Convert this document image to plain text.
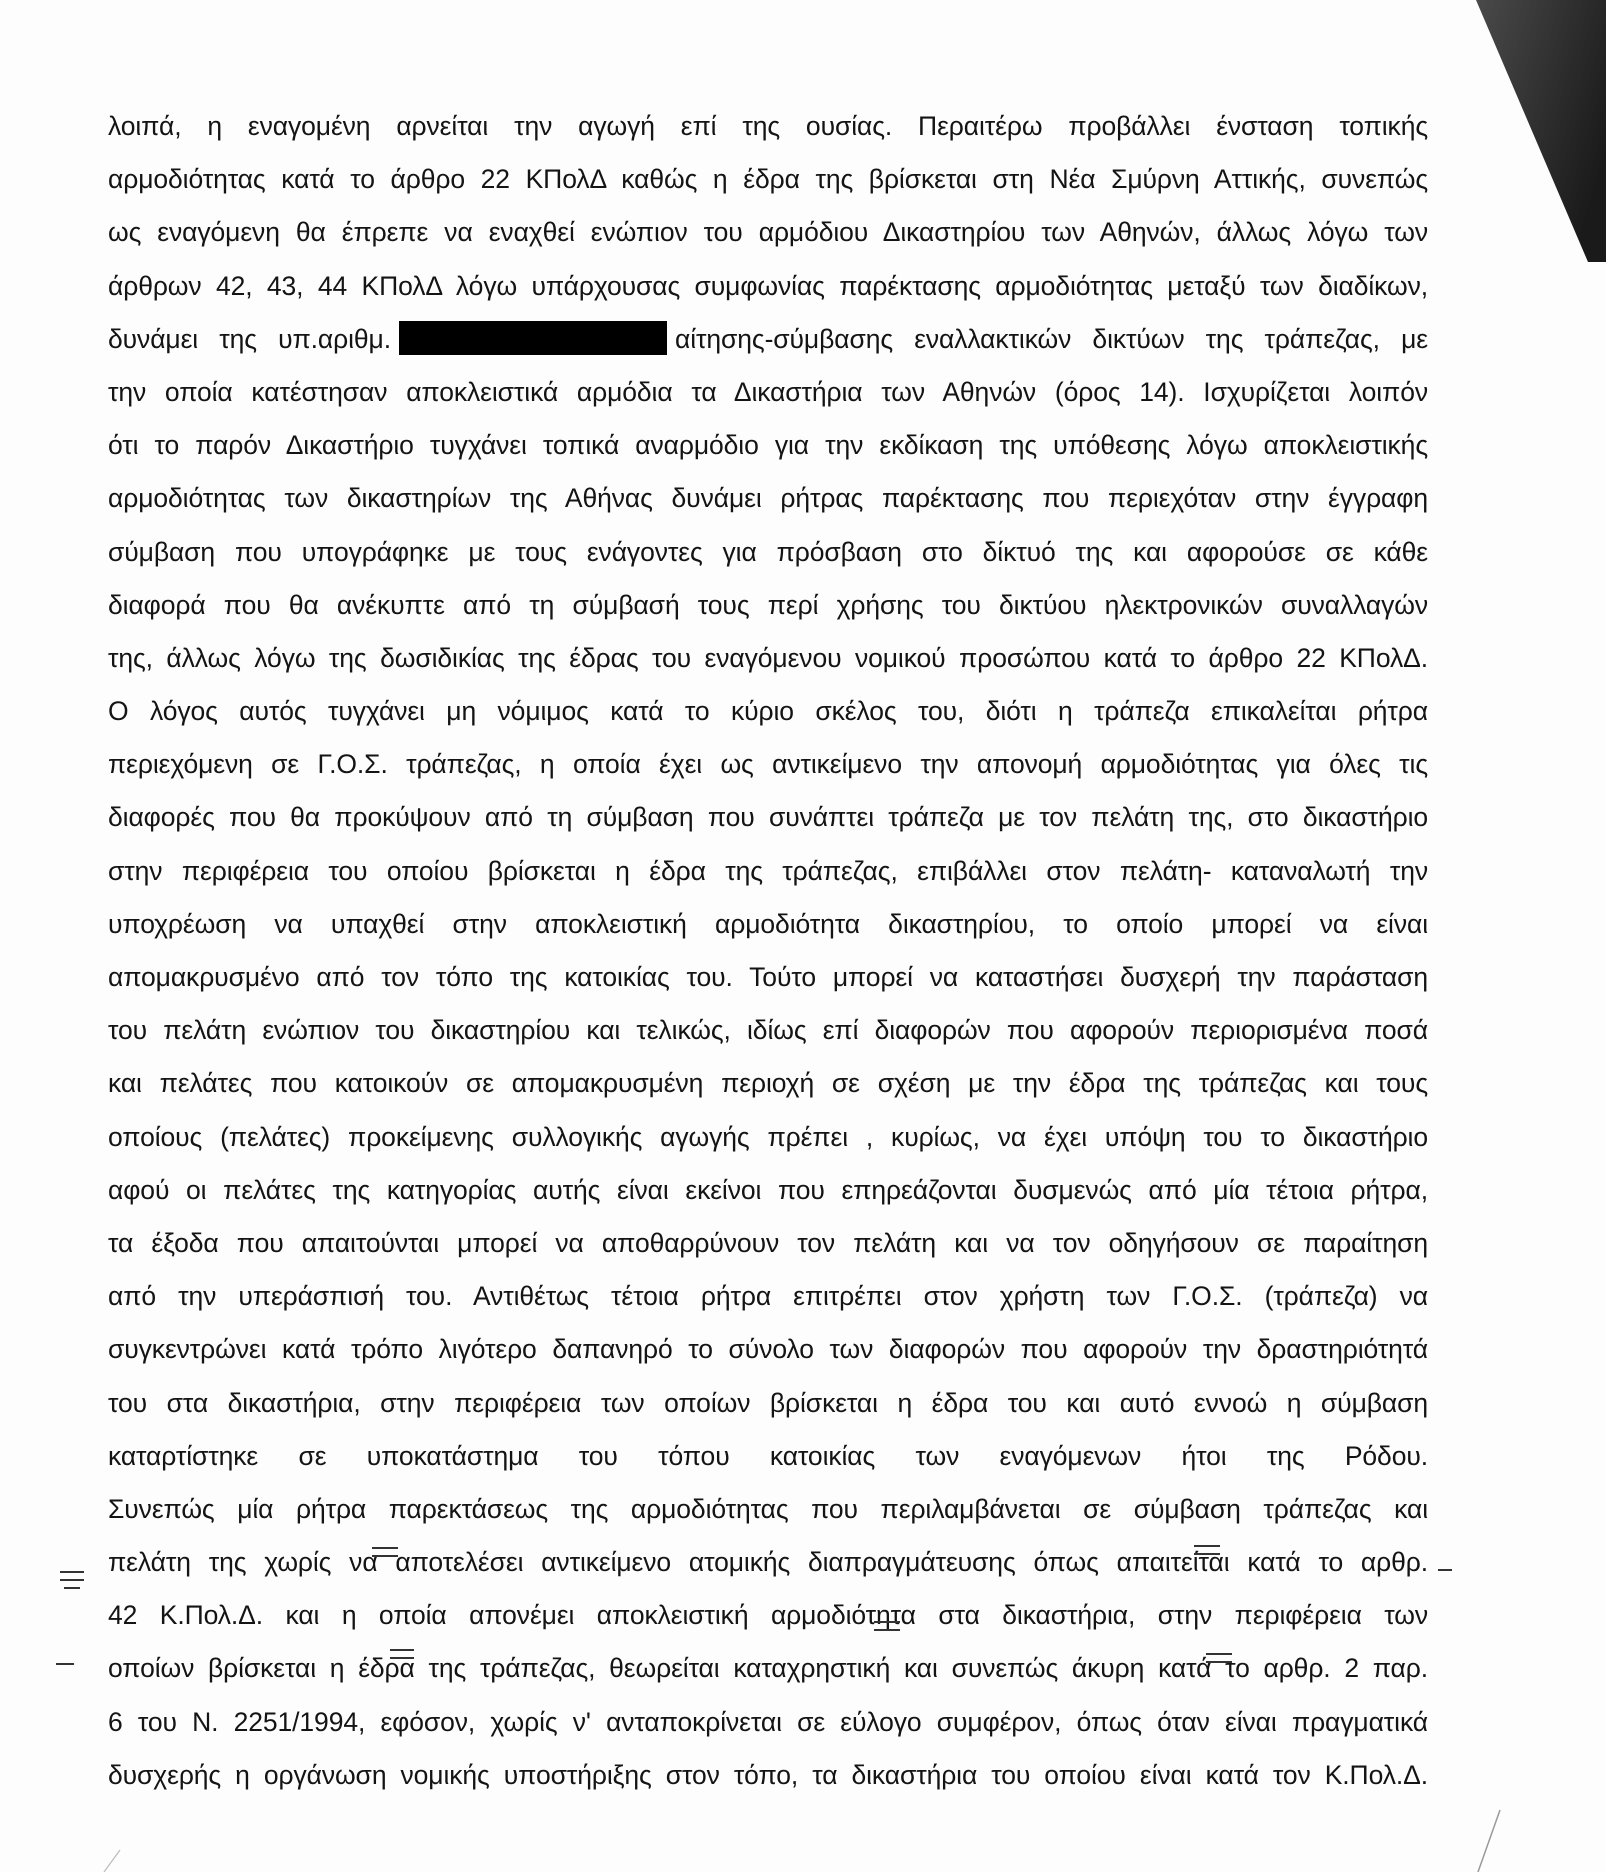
λοιπά, η εναγομένη αρνείται την αγωγή επί της ουσίας. Περαιτέρω προβάλλει ένσταση τοπικής
αρμοδιότητας κατά το άρθρο 22 ΚΠολΔ καθώς η έδρα της βρίσκεται στη Νέα Σμύρνη Αττικής, συνεπώς
ως εναγόμενη θα έπρεπε να εναχθεί ενώπιον του αρμόδιου Δικαστηρίου των Αθηνών, άλλως λόγω των
άρθρων 42, 43, 44 ΚΠολΔ λόγω υπάρχουσας συμφωνίας παρέκτασης αρμοδιότητας μεταξύ των διαδίκων,
δυνάμει της υπ.αριθμ.	αίτησης-σύμβασης εναλλακτικών δικτύων της τράπεζας, με
την οποία κατέστησαν αποκλειστικά αρμόδια τα Δικαστήρια των Αθηνών (όρος 14). Ισχυρίζεται λοιπόν
ότι το παρόν Δικαστήριο τυγχάνει τοπικά αναρμόδιο για την εκδίκαση της υπόθεσης λόγω αποκλειστικής
αρμοδιότητας των δικαστηρίων της Αθήνας δυνάμει ρήτρας παρέκτασης που περιεχόταν στην έγγραφη
σύμβαση που υπογράφηκε με τους ενάγοντες για πρόσβαση στο δίκτυό της και αφορούσε σε κάθε
διαφορά που θα ανέκυπτε από τη σύμβασή τους περί χρήσης του δικτύου ηλεκτρονικών συναλλαγών
της, άλλως λόγω της δωσιδικίας της έδρας του εναγόμενου νομικού προσώπου κατά το άρθρο 22 ΚΠολΔ.
Ο λόγος αυτός τυγχάνει μη νόμιμος κατά το κύριο σκέλος του, διότι η τράπεζα επικαλείται ρήτρα
περιεχόμενη σε Γ.Ο.Σ. τράπεζας, η οποία έχει ως αντικείμενο την απονομή αρμοδιότητας για όλες τις
διαφορές που θα προκύψουν από τη σύμβαση που συνάπτει τράπεζα με τον πελάτη της, στο δικαστήριο
στην περιφέρεια του οποίου βρίσκεται η έδρα της τράπεζας, επιβάλλει στον πελάτη- καταναλωτή την
υποχρέωση να υπαχθεί στην αποκλειστική αρμοδιότητα δικαστηρίου, το οποίο μπορεί να είναι
απομακρυσμένο από τον τόπο της κατοικίας του. Τούτο μπορεί να καταστήσει δυσχερή την παράσταση
του πελάτη ενώπιον του δικαστηρίου και τελικώς, ιδίως επί διαφορών που αφορούν περιορισμένα ποσά
και πελάτες που κατοικούν σε απομακρυσμένη περιοχή σε σχέση με την έδρα της τράπεζας και τους
οποίους (πελάτες) προκείμενης συλλογικής αγωγής πρέπει , κυρίως, να έχει υπόψη του το δικαστήριο
αφού οι πελάτες της κατηγορίας αυτής είναι εκείνοι που επηρεάζονται δυσμενώς από μία τέτοια ρήτρα,
τα έξοδα που απαιτούνται μπορεί να αποθαρρύνουν τον πελάτη και να τον οδηγήσουν σε παραίτηση
από την υπεράσπισή του. Αντιθέτως τέτοια ρήτρα επιτρέπει στον χρήστη των Γ.Ο.Σ. (τράπεζα) να
συγκεντρώνει κατά τρόπο λιγότερο δαπανηρό το σύνολο των διαφορών που αφορούν την δραστηριότητά
του στα δικαστήρια, στην περιφέρεια των οποίων βρίσκεται η έδρα του και αυτό εννοώ η σύμβαση
καταρτίστηκε σε υποκατάστημα του τόπου κατοικίας των εναγόμενων ήτοι της Ρόδου.
Συνεπώς μία ρήτρα παρεκτάσεως της αρμοδιότητας που περιλαμβάνεται σε σύμβαση τράπεζας και
πελάτη της χωρίς να αποτελέσει αντικείμενο ατομικής διαπραγμάτευσης όπως απαιτείται κατά το αρθρ.
42 Κ.Πολ.Δ. και η οποία απονέμει αποκλειστική αρμοδιότητα στα δικαστήρια, στην περιφέρεια των
οποίων βρίσκεται η έδρα της τράπεζας, θεωρείται καταχρηστική και συνεπώς άκυρη κατά το αρθρ. 2 παρ.
6 του Ν. 2251/1994, εφόσον, χωρίς ν' ανταποκρίνεται σε εύλογο συμφέρον, όπως όταν είναι πραγματικά
δυσχερής η οργάνωση νομικής υποστήριξης στον τόπο, τα δικαστήρια του οποίου είναι κατά τον Κ.Πολ.Δ.
